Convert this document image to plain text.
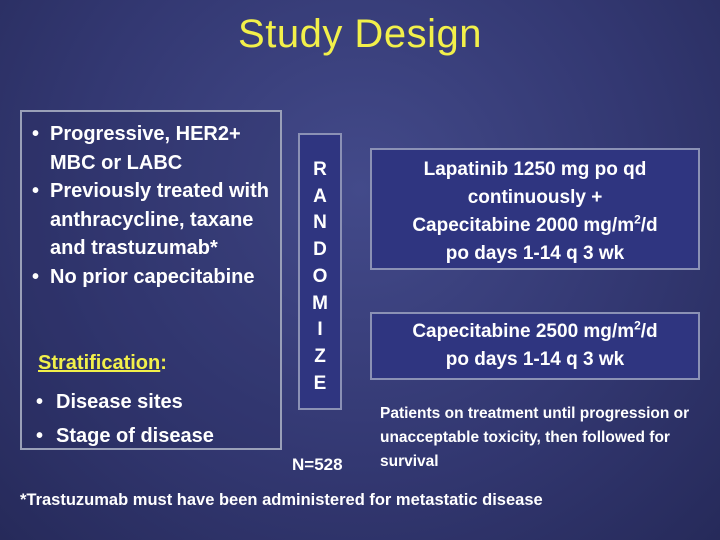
Study Design
• Progressive, HER2+ MBC or LABC
• Previously treated with anthracycline, taxane and trastuzumab*
• No prior capecitabine
Stratification:
• Disease sites
• Stage of disease
R
A
N
D
O
M
I
Z
E
N=528
Lapatinib 1250 mg po qd
continuously +
Capecitabine 2000 $mg/m^2/d$
po days 1-14 q 3 wk
Capecitabine 2500 $mg/m^2/d$
po days 1-14 q 3 wk
Patients on treatment until progression or unacceptable toxicity, then followed for survival
*Trastuzumab must have been administered for metastatic disease
